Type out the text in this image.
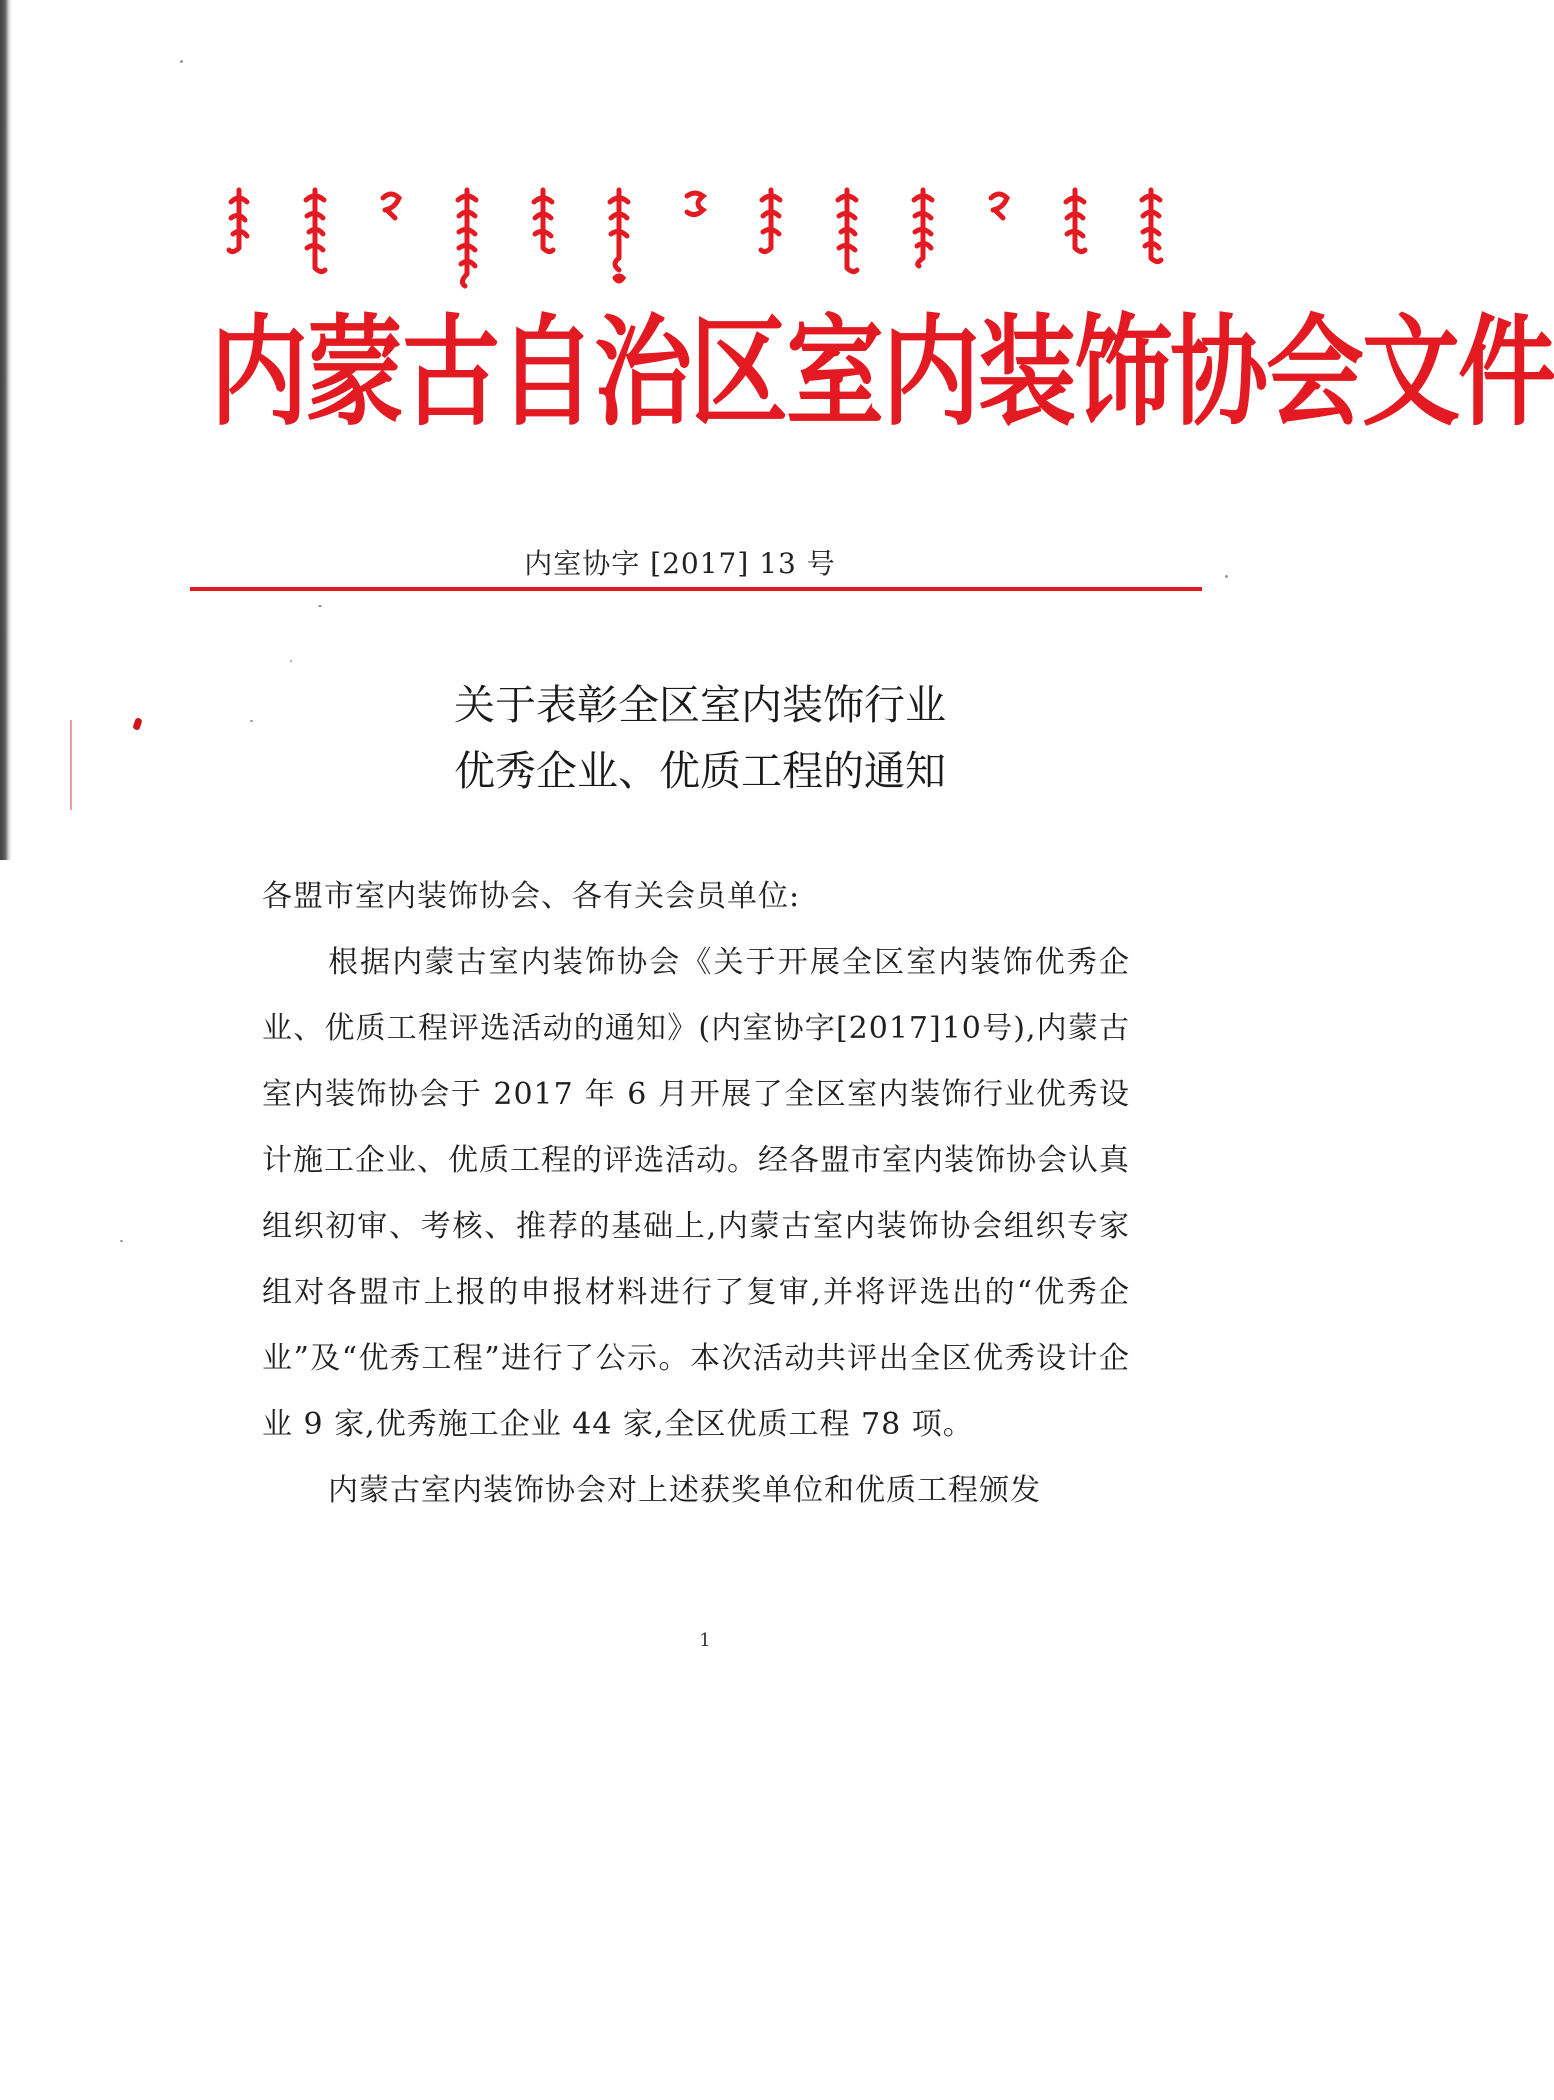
内蒙古自治区室内装饰协会文件
内室协字 [2017] 13 号
关于表彰全区室内装饰行业
优秀企业、优质工程的通知

各盟市室内装饰协会、各有关会员单位:

根据内蒙古室内装饰协会《关于开展全区室内装饰优秀企业、优质工程评选活动的通知》(内室协字[2017]10号),内蒙古室内装饰协会于 2017 年 6 月开展了全区室内装饰行业优秀设计施工企业、优质工程的评选活动。经各盟市室内装饰协会认真组织初审、考核、推荐的基础上,内蒙古室内装饰协会组织专家组对各盟市上报的申报材料进行了复审,并将评选出的“优秀企业”及“优秀工程”进行了公示。本次活动共评出全区优秀设计企业 9 家,优秀施工企业 44 家,全区优质工程 78 项。

内蒙古室内装饰协会对上述获奖单位和优质工程颁发

1
